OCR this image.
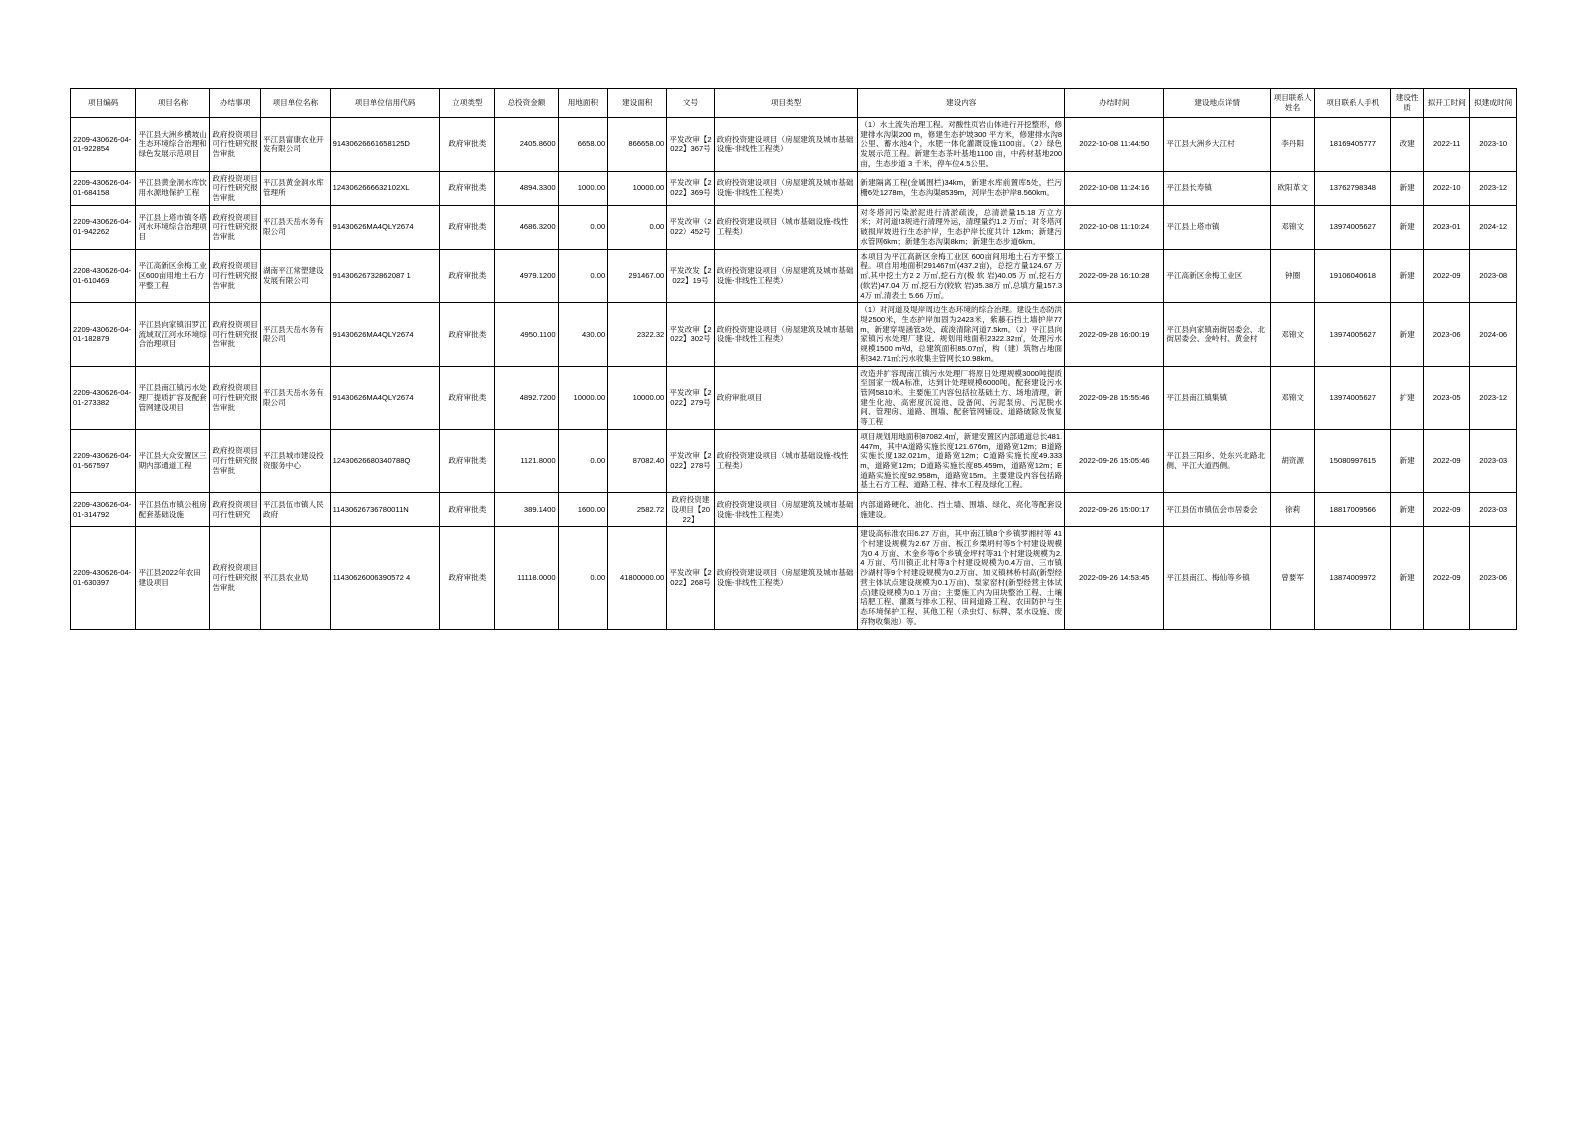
项目编码	项目名称	办结事项	项目单位名称	项目单位信用代码	立项类型	总投资金额	用地面积	建设面积	文号	项目类型	建设内容	办结时间	建设地点详情	项目联系人姓名	项目联系人手机	建设性质	拟开工时间	拟建成时间
2209-430626-04-01-922854	平江县大洲乡横坡山生态环境综合治理和绿色发展示范项目	政府投资项目可行性研究报告审批	平江县富康农业开发有限公司	91430626661658125D	政府审批类	2405.8600	6658.00	866658.00	平发改审【2022】367号	政府投资建设项目（房屋建筑及城市基础设施-非线性工程类）	（1）水土流失治理工程。对酸性页岩山体进行开挖整形，修建排水沟渠200 m，修建生态护坡300 平方米，修建排水沟8公里、蓄水池4个，水肥一体化灌溉设施1100亩。（2）绿色发展示范工程。新建生态茶叶基地1100 亩，中药材基地200 亩，生态步道 3 千米，停车位4.5公里。	2022-10-08 11:44:50	平江县大洲乡大江村	李丹阳	18169405777	改建	2022-11	2023-10
2209-430626-04-01-684158	平江县黄金洞水库饮用水源地保护工程	政府投资项目可行性研究报告审批	平江县黄金洞水库管理所	1243062666632102XL	政府审批类	4894.3300	1000.00	10000.00	平发改审【2022】369号	政府投资建设项目（房屋建筑及城市基础设施-非线性工程类）	新建隔离工程(金属围栏)34km，新建水库前置库5处，拦污栅6处1278m，生态沟渠8539m，河岸生态护岸8.560km。	2022-10-08 11:24:16	平江县长寿镇	欧阳革文	13762798348	新建	2022-10	2023-12
2209-430626-04-01-942262	平江县上塔市镇冬塔河水环境综合治理项目	政府投资项目可行性研究报告审批	平江县天岳水务有限公司	91430626MA4QLY2674	政府审批类	4686.3200	0.00	0.00	平发改审（2022）452号	政府投资建设项目（城市基础设施-线性工程类）	对冬塔河污染淤泥进行清淤疏浚，总清淤量15.18 万立方米；对河道!3规进行清理外运，清理量约1.2 万㎡；对冬塔河破损岸坡进行生态护岸，生态护岸长度共计 12km；新建污水管网6km；新建生态沟渠8km；新建生态步道6km。	2022-10-08 11:10:24	平江县上塔市镇	邓锦文	13974005627	新建	2023-01	2024-12
2208-430626-04-01-610469	平江高新区余梅工业区600亩用地土石方平整工程	政府投资项目可行性研究报告审批	湖南平江常塑建设发展有限公司	91430626732862087 1	政府审批类	4979.1200	0.00	291467.00	平发改发【2022】19号	政府投资建设项目（房屋建筑及城市基础设施-非线性工程类）	本项目为平江高新区余梅工业区 600亩间用地土石方平整工程。项自用地面积291467㎡(437.2亩)，总挖方量124.67 万 ㎡,其中挖土方2 2 万㎡,挖石方(极 软 岩)40.05 万 ㎡,挖石方(软岩)47.04 万 ㎡,挖石方(较软 岩)35.38万 ㎡,总填方量157.34万 ㎡,清表土 5.66 万㎡。	2022-09-28 16:10:28	平江高新区余梅工业区	钟圈	19106040618	新建	2022-09	2023-08
2209-430626-04-01-182879	平江县向家镇汨罗江流域双江河水环境综合治理项目	政府投资项目可行性研究报告审批	平江县天岳水务有限公司	91430626MA4QLY2674	政府审批类	4950.1100	430.00	2322.32	平发改审【2022】302号	政府投资建设项目（房屋建筑及城市基础设施-非线性工程类）	（1）对河道及堤岸周边生态环境的综合治理。建设生态防洪堤2500米，生态护岸加固为2423米，紫藤石挡土墙护岸77m，新建穿堤涵管3处、疏浚清除河道7.5km。（2）平江县向家镇污水处理厂建设。规划用地面积2322.32㎡，处理污水规模1500 m³/d，总建筑面积85.07㎡，构（建）筑物占地面积342.71㎡;污水收集主管网长10.98km。	2022-09-28 16:00:19	平江县向家镇南街居委会、北街居委会、金岭村、黄金村	邓锦文	13974005627	新建	2023-06	2024-06
2209-430626-04-01-273382	平江县南江镇污水处理厂提质扩容及配套管网建设项目	政府投资项目可行性研究报告审批	平江县天岳水务有限公司	91430626MA4QLY2674	政府审批类	4892.7200	10000.00	10000.00	平发改审【2022】279号	政府审批项目	改造并扩容现南江镇污水处理厂将原日处理规模3000吨提质至国家一级A标准，达到计处理规模6000吨。配套建设污水管网5810米。主要施工内容包括拉基础土方、场地清理，新建生化池、高密度沉淀池、设备间、污泥泵房、污泥脱水间、管理房、道路、围墙、配套管网铺设、道路破除及恢复等工程	2022-09-28 15:55:46	平江县南江镇集镇	邓锦文	13974005627	扩建	2023-05	2023-12
2209-430626-04-01-567597	平江县大众安置区三期内部通道工程	政府投资项目可行性研究报告审批	平江县城市建设投资服务中心	12430626680340788Q	政府审批类	1121.8000	0.00	87082.40	平发改审【2022】278号	政府投资建设项目（城市基础设施-线性工程类）	项目规划用地面积87082.4㎡，新建安置区内部通道总长481.447m，其中A道路实施长度121.676m，道路宽12m；B道路实施长度132.021m，道路宽12m；C道路实施长度49.333m，道路宽12m；D道路实施长度85.459m，道路宽12m；E道路实施长度92.958m，道路宽15m。主要建设内容包括路基土石方工程、道路工程、排水工程及绿化工程。	2022-09-26 15:05:46	平江县三阳乡、处东兴北路北侧、平江大道西侧。	胡资源	15080997615	新建	2022-09	2023-03
2209-430626-04-01-314792	平江县伍市镇公租房配套基础设施	政府投资项目可行性研究	平江县伍市镇人民政府	11430626736780011N	政府审批类	389.1400	1600.00	2582.72	政府投资建设项目【2022】	政府投资建设项目（房屋建筑及城市基础设施-非线性工程类）	内部道路硬化、油化、挡土墙、围墙、绿化、亮化等配套设施建设。	2022-09-26 15:00:17	平江县伍市镇伍会市居委会	徐莉	18817009566	新建	2022-09	2023-03
2209-430626-04-01-630397	平江县2022年农田建设项目	政府投资项目可行性研究报告审批	平江县农业局	11430626006390572 4	政府审批类	11118.0000	0.00	41800000.00	平发改审【2022】268号	政府投资建设项目（房屋建筑及城市基础设施-非线性工程类）	建设高标准农田6.27 万亩，其中南江镇8个乡镇罗湘村等 41 个村建设规模为2.67 万亩、板江乡栗坍村等5个村建设规模为0 4 万亩、木金乡等6个乡镇金坪村等31个村建设规模为2.4 万亩、芍川镇正北村等3个村建设规模为0.4万亩、三市镇沙湖村等9个村建设规模为0.2万亩、加义镇林桥村高(新型经营主体试点建设规模为0.1万亩)、泵家窑村(新型经营主体试点)建设规模为0.1 万亩；主要施工内为田块整治工程、土壤培肥工程、灌溉与排水工程、田间道路工程、农田防护与生态环境保护工程、其他工程（杀虫灯、标牌、泵水设施、废弃物收集池）等。	2022-09-26 14:53:45	平江县南江、梅仙等乡镇	曾要军	13874009972	新建	2022-09	2023-06
